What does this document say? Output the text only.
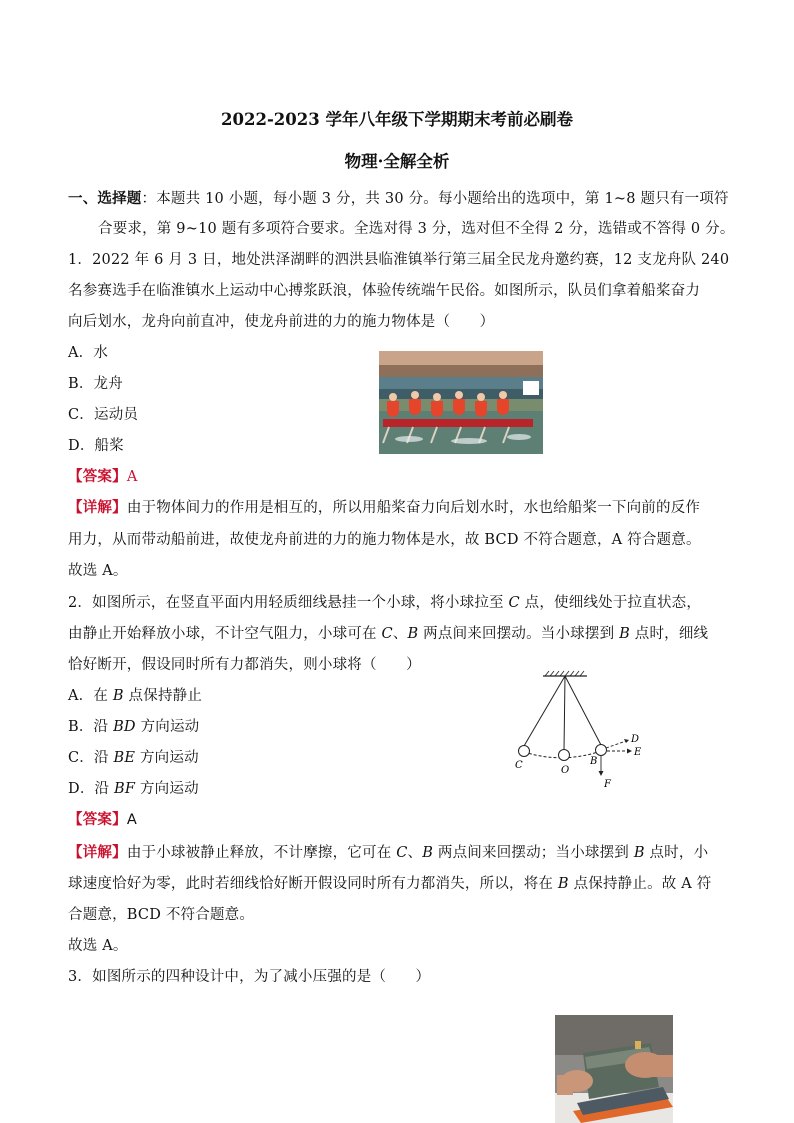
2022-2023 学年八年级下学期期末考前必刷卷
物理·全解全析
一、选择题：本题共 10 小题，每小题 3 分，共 30 分。每小题给出的选项中，第 1~8 题只有一项符
合要求，第 9~10 题有多项符合要求。全选对得 3 分，选对但不全得 2 分，选错或不答得 0 分。
1．2022 年 6 月 3 日，地处洪泽湖畔的泗洪县临淮镇举行第三届全民龙舟邀约赛，12 支龙舟队 240
名参赛选手在临淮镇水上运动中心搏浆跃浪，体验传统端午民俗。如图所示，队员们拿着船桨奋力
向后划水，龙舟向前直冲，使龙舟前进的力的施力物体是（　　）
A．水
B．龙舟
C．运动员
D．船桨
【答案】A
【详解】由于物体间力的作用是相互的，所以用船桨奋力向后划水时，水也给船桨一下向前的反作
用力，从而带动船前进，故使龙舟前进的力的施力物体是水，故 BCD 不符合题意，A 符合题意。
故选 A。
2．如图所示，在竖直平面内用轻质细线悬挂一个小球，将小球拉至 C 点，使细线处于拉直状态，
由静止开始释放小球，不计空气阻力，小球可在 C、B 两点间来回摆动。当小球摆到 B 点时，细线
恰好断开，假设同时所有力都消失，则小球将（　　）
A．在 B 点保持静止
B．沿 BD 方向运动
C．沿 BE 方向运动
D．沿 BF 方向运动
C	O
B
D
E
F
【答案】A
【详解】由于小球被静止释放，不计摩擦，它可在 C、B 两点间来回摆动；当小球摆到 B 点时，小
球速度恰好为零，此时若细线恰好断开假设同时所有力都消失，所以，将在 B 点保持静止。故 A 符
合题意，BCD 不符合题意。
故选 A。
3．如图所示的四种设计中，为了减小压强的是（　　）
